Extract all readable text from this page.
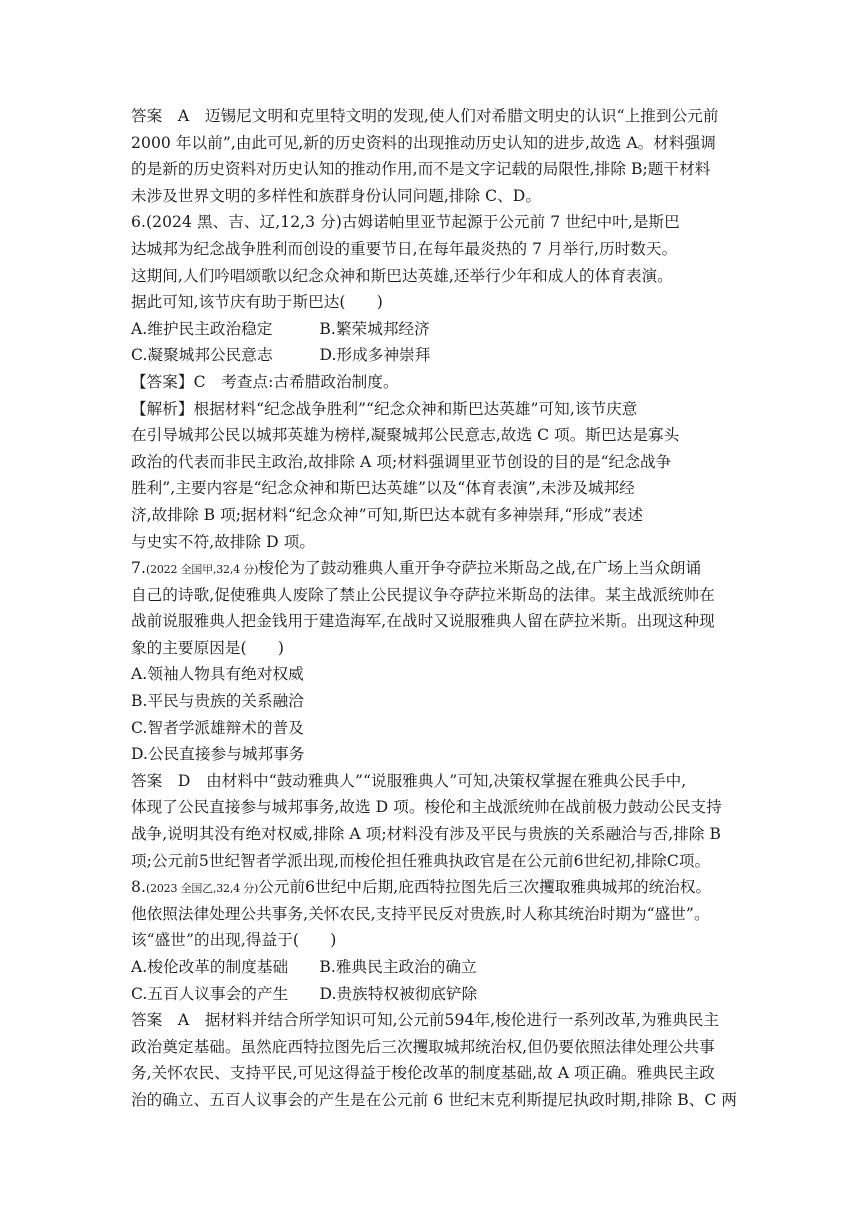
答案　A　迈锡尼文明和克里特文明的发现,使人们对希腊文明史的认识“上推到公元前
2000 年以前”,由此可见,新的历史资料的出现推动历史认知的进步,故选 A。材料强调
的是新的历史资料对历史认知的推动作用,而不是文字记载的局限性,排除 B;题干材料
未涉及世界文明的多样性和族群身份认同问题,排除 C、D。
6.(2024 黑、吉、辽,12,3 分)古姆诺帕里亚节起源于公元前 7 世纪中叶,是斯巴
达城邦为纪念战争胜利而创设的重要节日,在每年最炎热的 7 月举行,历时数天。
这期间,人们吟唱颂歌以纪念众神和斯巴达英雄,还举行少年和成人的体育表演。
据此可知,该节庆有助于斯巴达(　　)
A.维护民主政治稳定　　　B.繁荣城邦经济
C.凝聚城邦公民意志　　　D.形成多神崇拜
【答案】C　考查点:古希腊政治制度。
【解析】根据材料“纪念战争胜利”“纪念众神和斯巴达英雄”可知,该节庆意
在引导城邦公民以城邦英雄为榜样,凝聚城邦公民意志,故选 C 项。斯巴达是寡头
政治的代表而非民主政治,故排除 A 项;材料强调里亚节创设的目的是“纪念战争
胜利”,主要内容是“纪念众神和斯巴达英雄”以及“体育表演”,未涉及城邦经
济,故排除 B 项;据材料“纪念众神”可知,斯巴达本就有多神崇拜,“形成”表述
与史实不符,故排除 D 项。
7.(2022 全国甲,32,4 分)梭伦为了鼓动雅典人重开争夺萨拉米斯岛之战,在广场上当众朗诵
自己的诗歌,促使雅典人废除了禁止公民提议争夺萨拉米斯岛的法律。某主战派统帅在
战前说服雅典人把金钱用于建造海军,在战时又说服雅典人留在萨拉米斯。出现这种现
象的主要原因是(　　)
A.领袖人物具有绝对权威
B.平民与贵族的关系融洽
C.智者学派雄辩术的普及
D.公民直接参与城邦事务
答案　D　由材料中“鼓动雅典人”“说服雅典人”可知,决策权掌握在雅典公民手中,
体现了公民直接参与城邦事务,故选 D 项。梭伦和主战派统帅在战前极力鼓动公民支持
战争,说明其没有绝对权威,排除 A 项;材料没有涉及平民与贵族的关系融洽与否,排除 B
项;公元前5世纪智者学派出现,而梭伦担任雅典执政官是在公元前6世纪初,排除C项。
8.(2023 全国乙,32,4 分)公元前6世纪中后期,庇西特拉图先后三次攫取雅典城邦的统治权。
他依照法律处理公共事务,关怀农民,支持平民反对贵族,时人称其统治时期为“盛世”。
该“盛世”的出现,得益于(　　)
A.梭伦改革的制度基础　　B.雅典民主政治的确立
C.五百人议事会的产生　　D.贵族特权被彻底铲除
答案　A　据材料并结合所学知识可知,公元前594年,梭伦进行一系列改革,为雅典民主
政治奠定基础。虽然庇西特拉图先后三次攫取城邦统治权,但仍要依照法律处理公共事
务,关怀农民、支持平民,可见这得益于梭伦改革的制度基础,故 A 项正确。雅典民主政
治的确立、五百人议事会的产生是在公元前 6 世纪末克利斯提尼执政时期,排除 B、C 两
